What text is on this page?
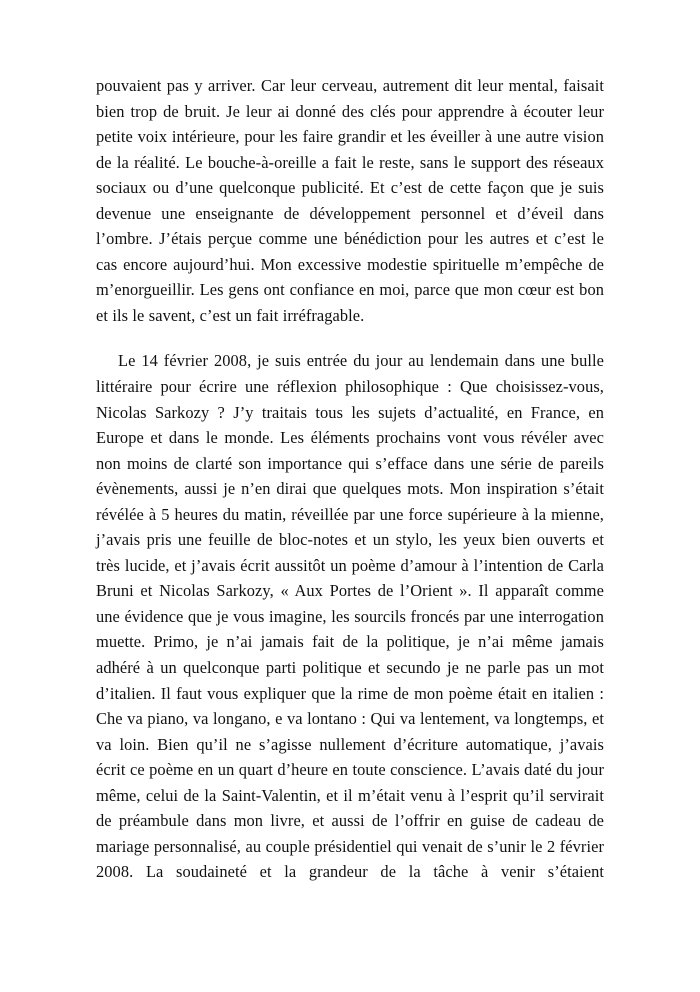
pouvaient pas y arriver. Car leur cerveau, autrement dit leur mental, faisait bien trop de bruit. Je leur ai donné des clés pour apprendre à écouter leur petite voix intérieure, pour les faire grandir et les éveiller à une autre vision de la réalité. Le bouche-à-oreille a fait le reste, sans le support des réseaux sociaux ou d’une quelconque publicité. Et c’est de cette façon que je suis devenue une enseignante de développement personnel et d’éveil dans l’ombre. J’étais perçue comme une bénédiction pour les autres et c’est le cas encore aujourd’hui. Mon excessive modestie spirituelle m’empêche de m’enorgueillir. Les gens ont confiance en moi, parce que mon cœur est bon et ils le savent, c’est un fait irréfragable.

Le 14 février 2008, je suis entrée du jour au lendemain dans une bulle littéraire pour écrire une réflexion philosophique : Que choisissez-vous, Nicolas Sarkozy ? J’y traitais tous les sujets d’actualité, en France, en Europe et dans le monde. Les éléments prochains vont vous révéler avec non moins de clarté son importance qui s’efface dans une série de pareils évènements, aussi je n’en dirai que quelques mots. Mon inspiration s’était révélée à 5 heures du matin, réveillée par une force supérieure à la mienne, j’avais pris une feuille de bloc-notes et un stylo, les yeux bien ouverts et très lucide, et j’avais écrit aussitôt un poème d’amour à l’intention de Carla Bruni et Nicolas Sarkozy, « Aux Portes de l’Orient ». Il apparaît comme une évidence que je vous imagine, les sourcils froncés par une interrogation muette. Primo, je n’ai jamais fait de la politique, je n’ai même jamais adhéré à un quelconque parti politique et secundo je ne parle pas un mot d’italien. Il faut vous expliquer que la rime de mon poème était en italien : Che va piano, va longano, e va lontano : Qui va lentement, va longtemps, et va loin. Bien qu’il ne s’agisse nullement d’écriture automatique, j’avais écrit ce poème en un quart d’heure en toute conscience. L’avais daté du jour même, celui de la Saint-Valentin, et il m’était venu à l’esprit qu’il servirait de préambule dans mon livre, et aussi de l’offrir en guise de cadeau de mariage personnalisé, au couple présidentiel qui venait de s’unir le 2 février 2008. La soudaineté et la grandeur de la tâche à venir s’étaient
